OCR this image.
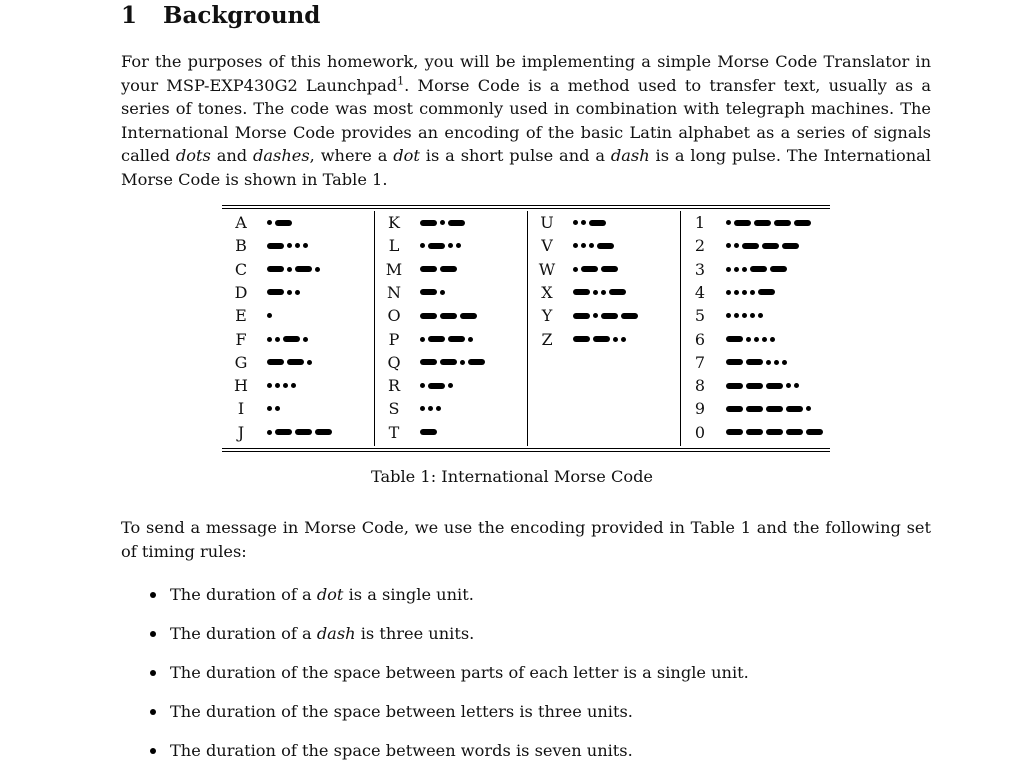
1 Background

For the purposes of this homework, you will be implementing a simple Morse Code Translator in your MSP-EXP430G2 Launchpad$^1$. Morse Code is a method used to transfer text, usually as a series of tones. The code was most commonly used in combination with telegraph machines. The International Morse Code provides an encoding of the basic Latin alphabet as a series of signals called dots and dashes, where a dot is a short pulse and a dash is a long pulse. The International Morse Code is shown in Table 1.

A
B
C
D
E
F
G
H
I
J
K
L
M
N
O
P
Q
R
S
T
U
V
W
X
Y
Z
1
2
3
4
5
6
7
8
9
0
Table 1: International Morse Code

To send a message in Morse Code, we use the encoding provided in Table 1 and the following set of timing rules:

The duration of a dot is a single unit.
The duration of a dash is three units.
The duration of the space between parts of each letter is a single unit.
The duration of the space between letters is three units.
The duration of the space between words is seven units.
